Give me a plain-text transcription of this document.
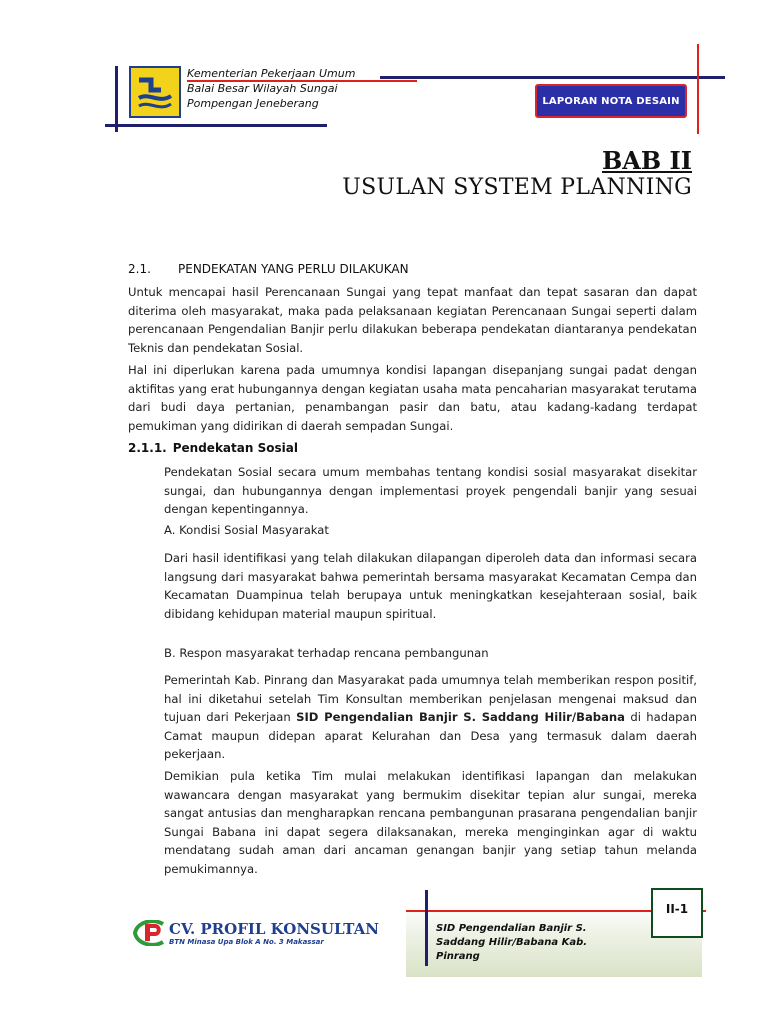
Kementerian Pekerjaan Umum
Balai Besar Wilayah Sungai
Pompengan Jeneberang	LAPORAN NOTA DESAIN
BAB II
USULAN SYSTEM PLANNING
2.1. PENDEKATAN YANG PERLU DILAKUKAN

Untuk mencapai hasil Perencanaan Sungai yang tepat manfaat dan tepat sasaran dan dapat diterima oleh masyarakat, maka pada pelaksanaan kegiatan Perencanaan Sungai seperti dalam perencanaan Pengendalian Banjir perlu dilakukan beberapa pendekatan diantaranya pendekatan Teknis dan pendekatan Sosial.

Hal ini diperlukan karena pada umumnya kondisi lapangan disepanjang sungai padat dengan aktifitas yang erat hubungannya dengan kegiatan usaha mata pencaharian masyarakat terutama dari budi daya pertanian, penambangan pasir dan batu, atau kadang-kadang terdapat pemukiman yang didirikan di daerah sempadan Sungai.

2.1.1. Pendekatan Sosial

Pendekatan Sosial secara umum membahas tentang kondisi sosial masyarakat disekitar sungai, dan hubungannya dengan implementasi proyek pengendali banjir yang sesuai dengan kepentingannya.

A. Kondisi Sosial Masyarakat

Dari hasil identifikasi yang telah dilakukan dilapangan diperoleh data dan informasi secara langsung dari masyarakat bahwa pemerintah bersama masyarakat Kecamatan Cempa dan Kecamatan Duampinua telah berupaya untuk meningkatkan kesejahteraan sosial, baik dibidang kehidupan material maupun spiritual.

B. Respon masyarakat terhadap rencana pembangunan

Pemerintah Kab. Pinrang dan Masyarakat pada umumnya telah memberikan respon positif, hal ini diketahui setelah Tim Konsultan memberikan penjelasan mengenai maksud dan tujuan dari Pekerjaan SID Pengendalian Banjir S. Saddang Hilir/Babana di hadapan Camat maupun didepan aparat Kelurahan dan Desa yang termasuk dalam daerah pekerjaan.

Demikian pula ketika Tim mulai melakukan identifikasi lapangan dan melakukan wawancara dengan masyarakat yang bermukim disekitar tepian alur sungai, mereka sangat antusias dan mengharapkan rencana pembangunan prasarana pengendalian banjir Sungai Babana ini dapat segera dilaksanakan, mereka menginginkan agar di waktu mendatang sudah aman dari ancaman genangan banjir yang setiap tahun melanda pemukimannya.

CV. PROFIL KONSULTAN
BTN Minasa Upa Blok A No. 3 Makassar
II-1
SID Pengendalian Banjir S.
Saddang Hilir/Babana Kab.
Pinrang
